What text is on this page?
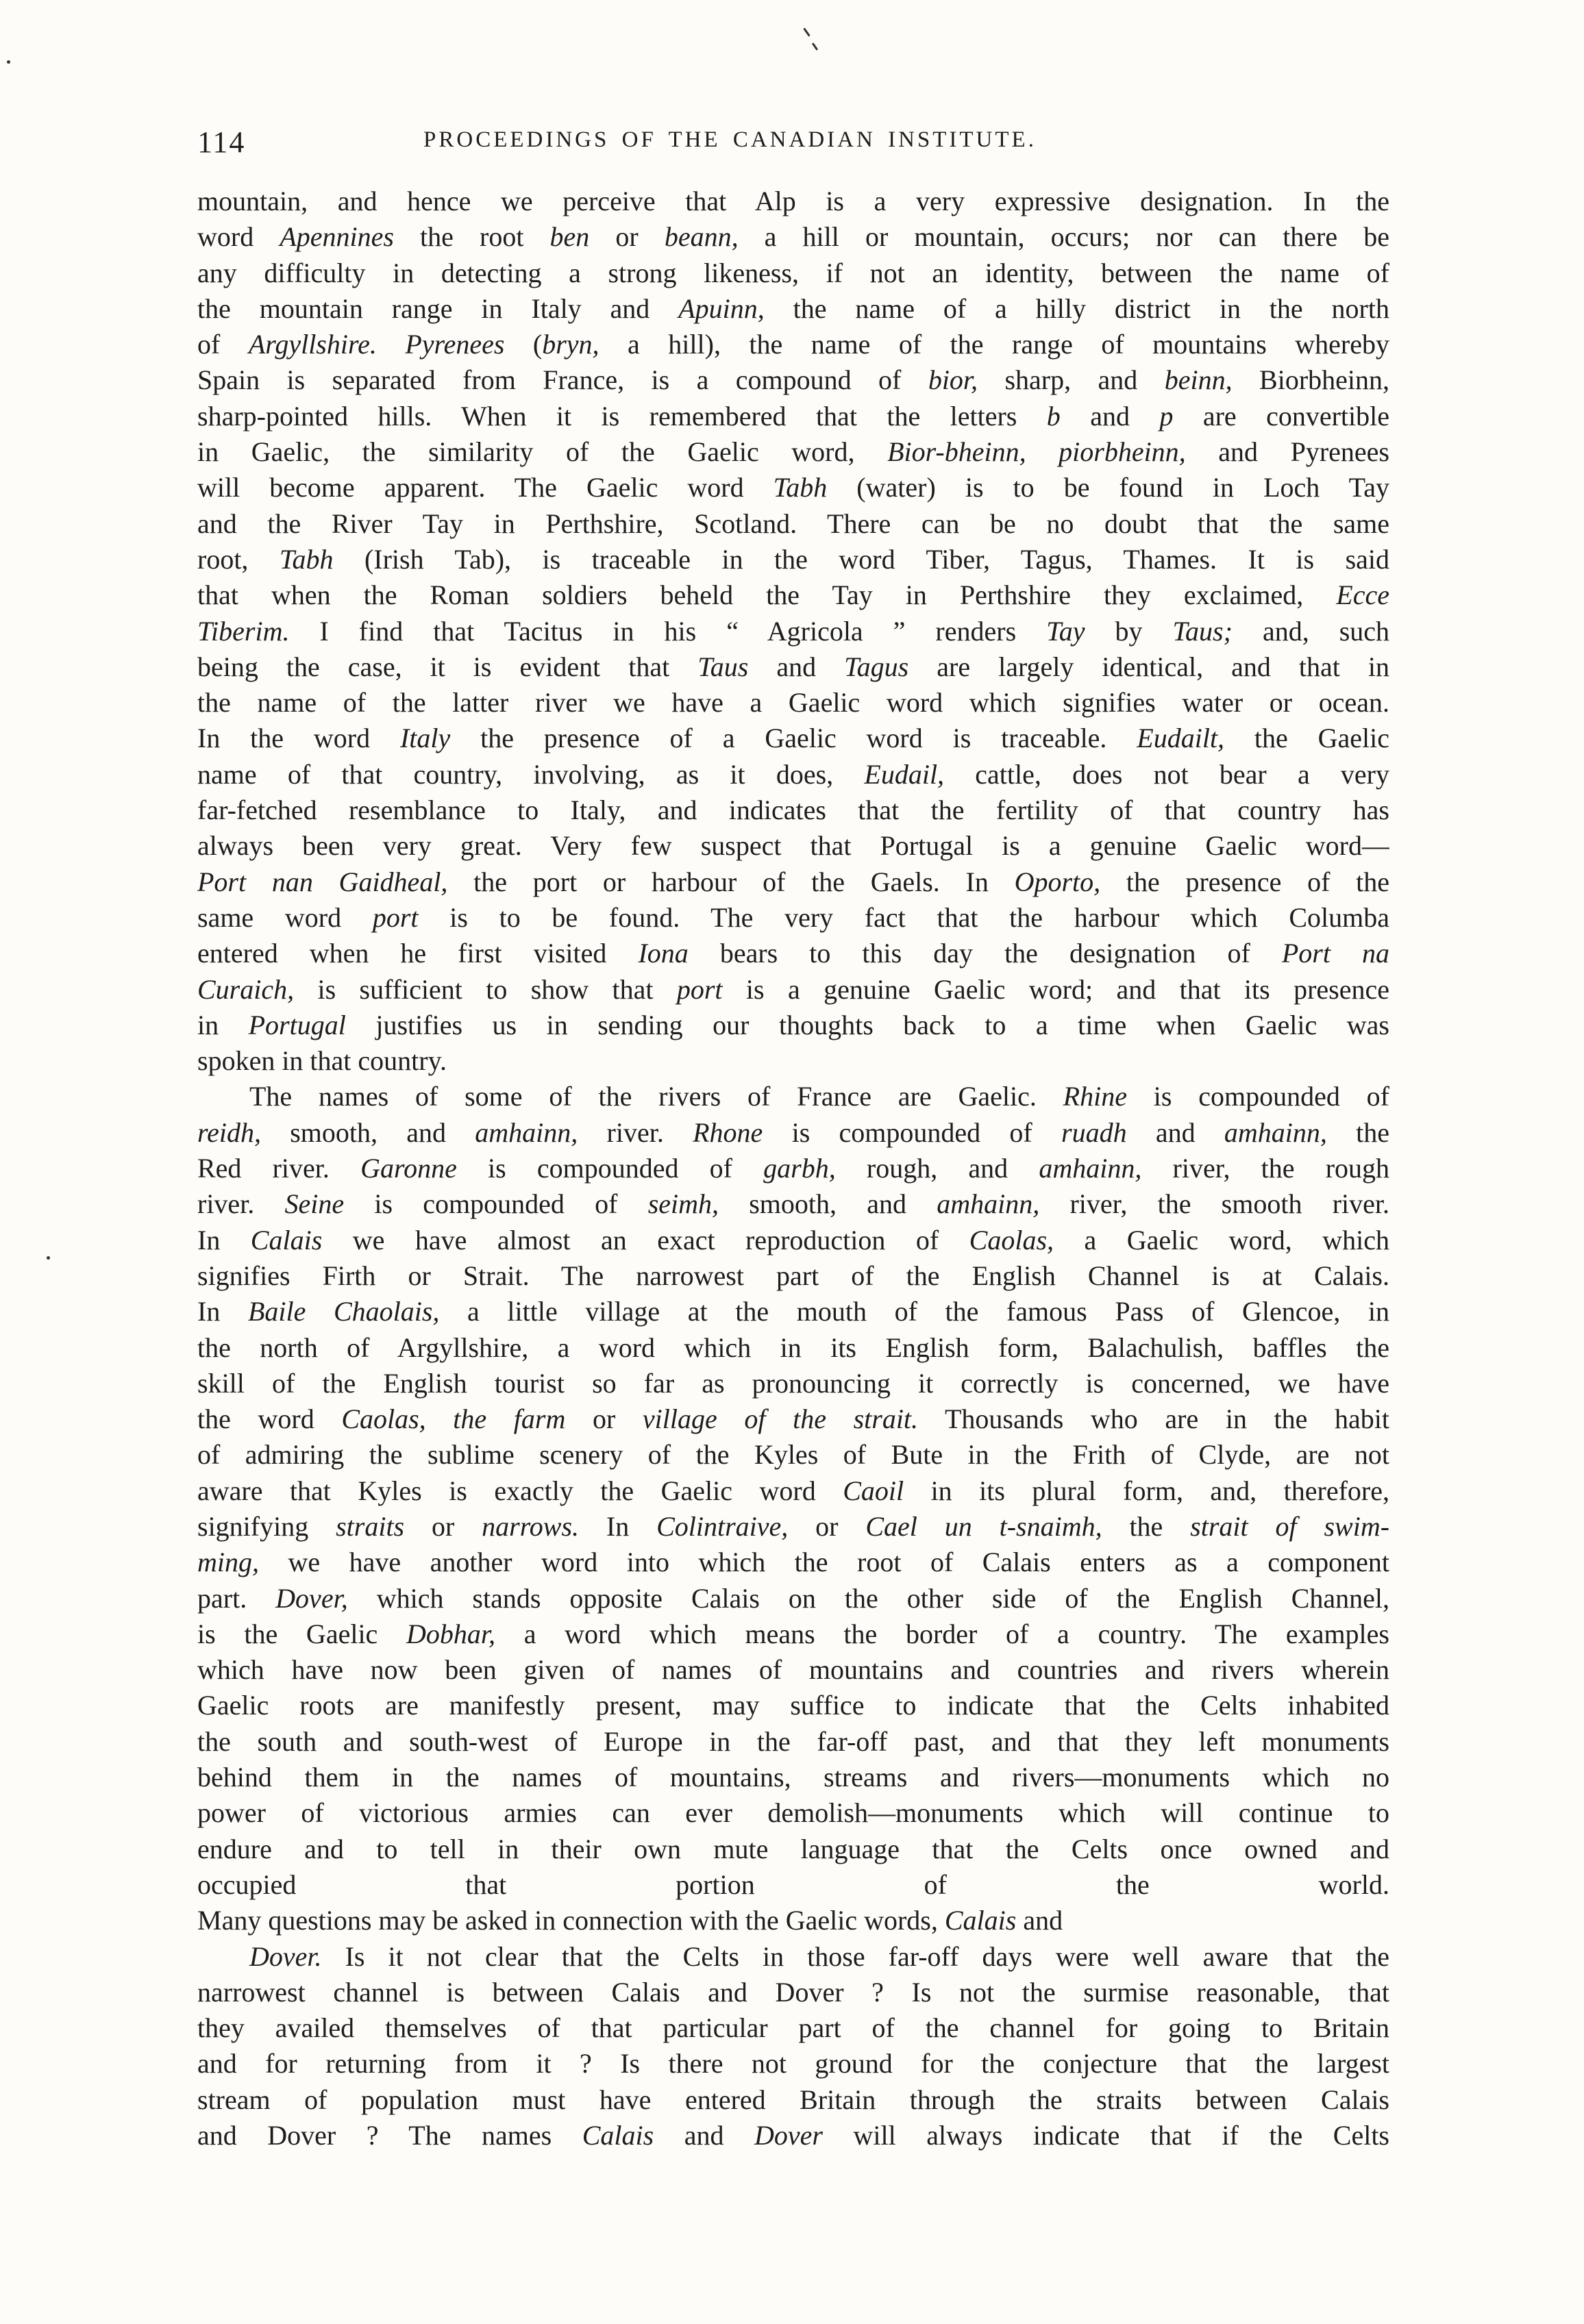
114	PROCEEDINGS OF THE CANADIAN INSTITUTE.
mountain, and hence we perceive that Alp is a very expressive designation. In the
word Apennines the root ben or beann, a hill or mountain, occurs; nor can there be
any difficulty in detecting a strong likeness, if not an identity, between the name of
the mountain range in Italy and Apuinn, the name of a hilly district in the north
of Argyllshire. Pyrenees (bryn, a hill), the name of the range of mountains whereby
Spain is separated from France, is a compound of bior, sharp, and beinn, Biorbheinn,
sharp-pointed hills. When it is remembered that the letters b and p are convertible
in Gaelic, the similarity of the Gaelic word, Bior-bheinn, piorbheinn, and Pyrenees
will become apparent. The Gaelic word Tabh (water) is to be found in Loch Tay
and the River Tay in Perthshire, Scotland. There can be no doubt that the same
root, Tabh (Irish Tab), is traceable in the word Tiber, Tagus, Thames. It is said
that when the Roman soldiers beheld the Tay in Perthshire they exclaimed, Ecce
Tiberim. I find that Tacitus in his “ Agricola ” renders Tay by Taus; and, such
being the case, it is evident that Taus and Tagus are largely identical, and that in
the name of the latter river we have a Gaelic word which signifies water or ocean.
In the word Italy the presence of a Gaelic word is traceable. Eudailt, the Gaelic
name of that country, involving, as it does, Eudail, cattle, does not bear a very
far-fetched resemblance to Italy, and indicates that the fertility of that country has
always been very great. Very few suspect that Portugal is a genuine Gaelic word—
Port nan Gaidheal, the port or harbour of the Gaels. In Oporto, the presence of the
same word port is to be found. The very fact that the harbour which Columba
entered when he first visited Iona bears to this day the designation of Port na
Curaich, is sufficient to show that port is a genuine Gaelic word; and that its presence
in Portugal justifies us in sending our thoughts back to a time when Gaelic was
spoken in that country.
The names of some of the rivers of France are Gaelic. Rhine is compounded of
reidh, smooth, and amhainn, river. Rhone is compounded of ruadh and amhainn, the
Red river. Garonne is compounded of garbh, rough, and amhainn, river, the rough
river. Seine is compounded of seimh, smooth, and amhainn, river, the smooth river.
In Calais we have almost an exact reproduction of Caolas, a Gaelic word, which
signifies Firth or Strait. The narrowest part of the English Channel is at Calais.
In Baile Chaolais, a little village at the mouth of the famous Pass of Glencoe, in
the north of Argyllshire, a word which in its English form, Balachulish, baffles the
skill of the English tourist so far as pronouncing it correctly is concerned, we have
the word Caolas, the farm or village of the strait. Thousands who are in the habit
of admiring the sublime scenery of the Kyles of Bute in the Frith of Clyde, are not
aware that Kyles is exactly the Gaelic word Caoil in its plural form, and, therefore,
signifying straits or narrows. In Colintraive, or Cael un t-snaimh, the strait of swim-
ming, we have another word into which the root of Calais enters as a component
part. Dover, which stands opposite Calais on the other side of the English Channel,
is the Gaelic Dobhar, a word which means the border of a country. The examples
which have now been given of names of mountains and countries and rivers wherein
Gaelic roots are manifestly present, may suffice to indicate that the Celts inhabited
the south and south-west of Europe in the far-off past, and that they left monuments
behind them in the names of mountains, streams and rivers—monuments which no
power of victorious armies can ever demolish—monuments which will continue to
endure and to tell in their own mute language that the Celts once owned and
occupied that portion of the world.
Many questions may be asked in connection with the Gaelic words, Calais and
Dover. Is it not clear that the Celts in those far-off days were well aware that the
narrowest channel is between Calais and Dover ? Is not the surmise reasonable, that
they availed themselves of that particular part of the channel for going to Britain
and for returning from it ? Is there not ground for the conjecture that the largest
stream of population must have entered Britain through the straits between Calais
and Dover ? The names Calais and Dover will always indicate that if the Celts
